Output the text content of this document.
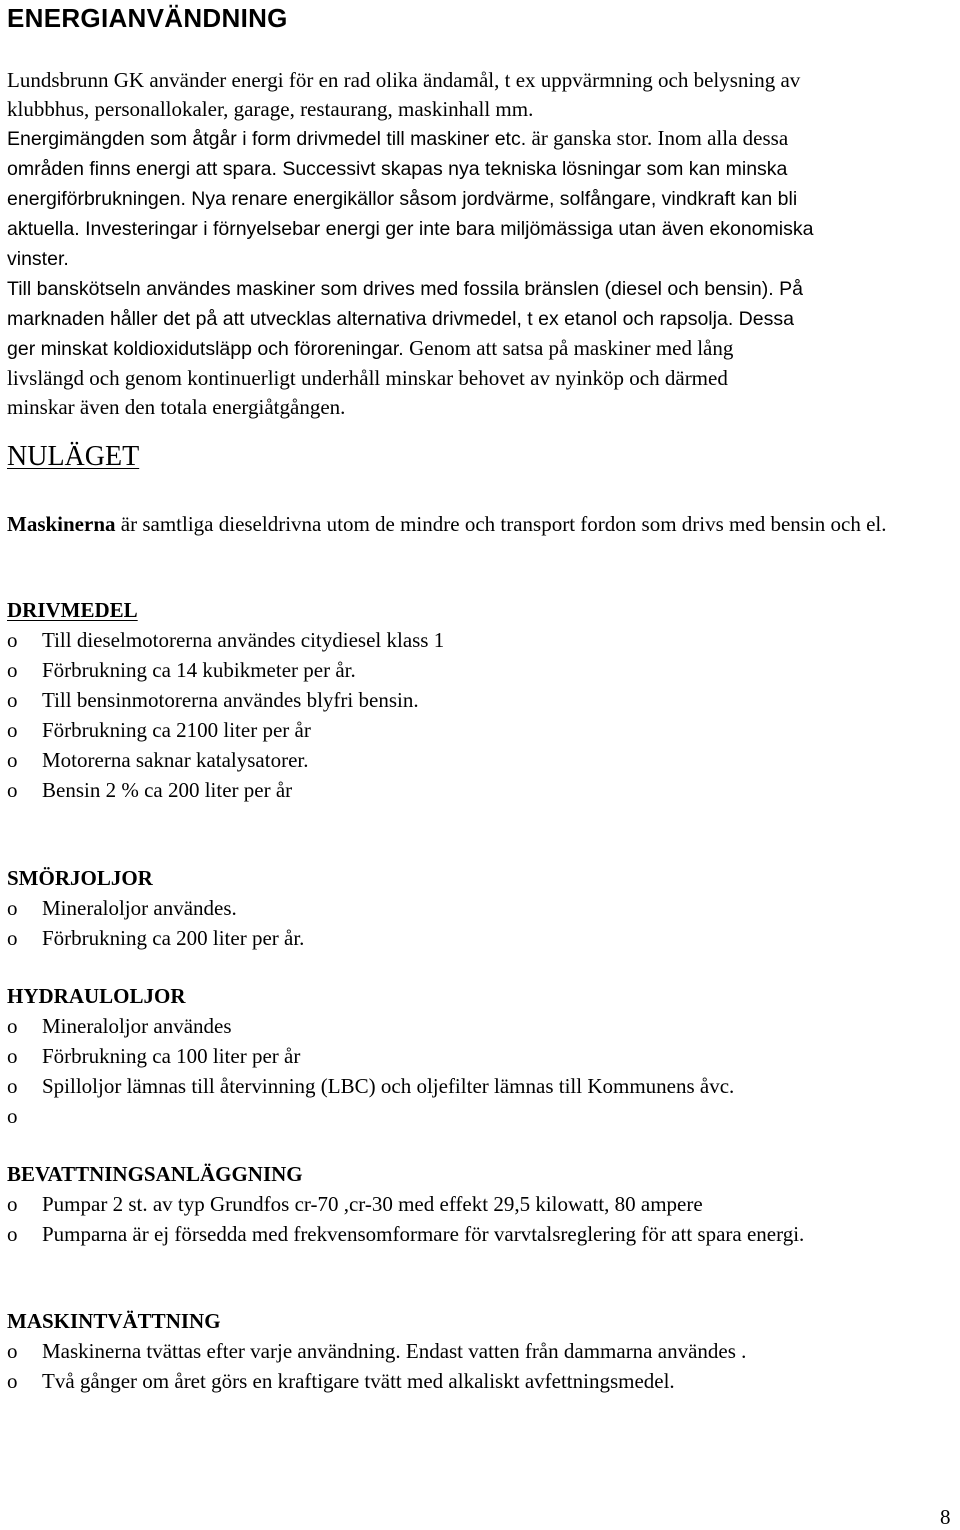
ENERGIANVÄNDNING
Lundsbrunn GK använder energi för en rad olika ändamål, t ex uppvärmning och belysning av
klubbhus, personallokaler, garage, restaurang, maskinhall mm.
Energimängden som åtgår i form drivmedel till maskiner etc. är ganska stor. Inom alla dessa
områden finns energi att spara. Successivt skapas nya tekniska lösningar som kan minska
energiförbrukningen. Nya renare energikällor såsom jordvärme, solfångare, vindkraft kan bli
aktuella. Investeringar i förnyelsebar energi ger inte bara miljömässiga utan även ekonomiska
vinster.
Till banskötseln användes maskiner som drives med fossila bränslen (diesel och bensin). På
marknaden håller det på att utvecklas alternativa drivmedel, t ex etanol och rapsolja. Dessa
ger minskat koldioxidutsläpp och föroreningar. Genom att satsa på maskiner med lång
livslängd och genom kontinuerligt underhåll minskar behovet av nyinköp och därmed
minskar även den totala energiåtgången.
NULÄGET
Maskinerna är samtliga dieseldrivna utom de mindre och transport fordon som drivs med bensin och el.
DRIVMEDEL
o	Till dieselmotorerna användes citydiesel klass 1
o	Förbrukning ca 14 kubikmeter per år.
o	Till bensinmotorerna användes blyfri bensin.
o	Förbrukning ca 2100 liter per år
o	Motorerna saknar katalysatorer.
o	Bensin 2 % ca 200 liter per år
SMÖRJOLJOR
o	Mineraloljor användes.
o	Förbrukning ca 200 liter per år.
HYDRAULOLJOR
o	Mineraloljor användes
o	Förbrukning ca 100 liter per år
o	Spilloljor lämnas till återvinning (LBC) och oljefilter lämnas till Kommunens åvc.
o
BEVATTNINGSANLÄGGNING
o	Pumpar 2 st. av typ Grundfos cr-70 ,cr-30 med effekt 29,5 kilowatt, 80 ampere
o	Pumparna är ej försedda med frekvensomformare för varvtalsreglering för att spara energi.
MASKINTVÄTTNING
o	Maskinerna tvättas efter varje användning. Endast vatten från dammarna användes .
o	Två gånger om året görs en kraftigare tvätt med alkaliskt avfettningsmedel.
8
